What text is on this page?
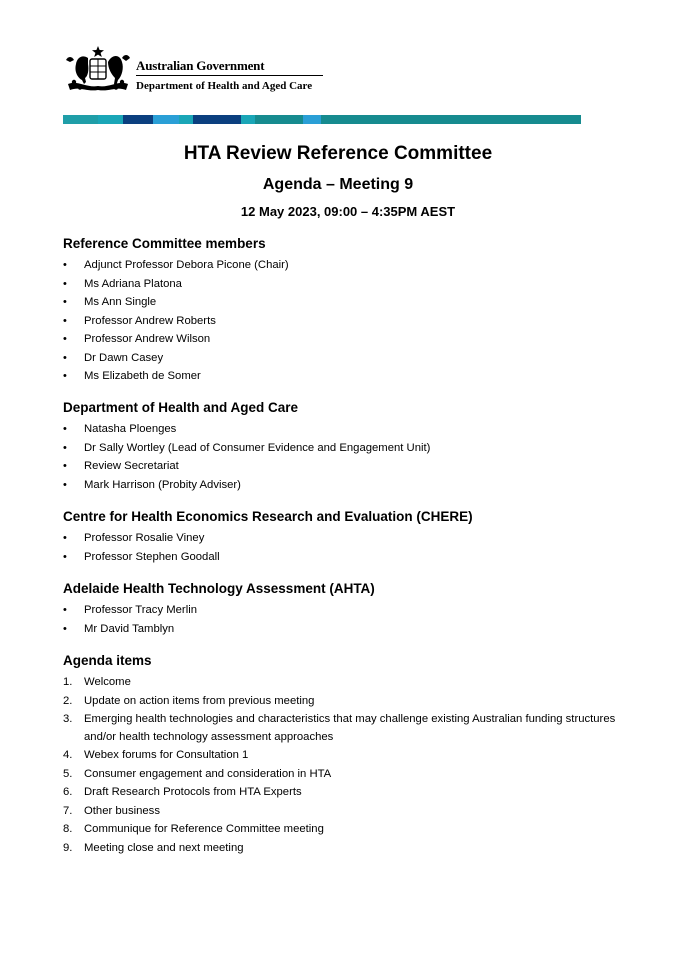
Australian Government
Department of Health and Aged Care
HTA Review Reference Committee
Agenda – Meeting 9
12 May 2023, 09:00 – 4:35PM AEST
Reference Committee members
• Adjunct Professor Debora Picone (Chair)
• Ms Adriana Platona
• Ms Ann Single
• Professor Andrew Roberts
• Professor Andrew Wilson
• Dr Dawn Casey
• Ms Elizabeth de Somer
Department of Health and Aged Care
• Natasha Ploenges
• Dr Sally Wortley (Lead of Consumer Evidence and Engagement Unit)
• Review Secretariat
• Mark Harrison (Probity Adviser)
Centre for Health Economics Research and Evaluation (CHERE)
• Professor Rosalie Viney
• Professor Stephen Goodall
Adelaide Health Technology Assessment (AHTA)
• Professor Tracy Merlin
• Mr David Tamblyn
Agenda items
1. Welcome
2. Update on action items from previous meeting
3. Emerging health technologies and characteristics that may challenge existing Australian funding structures and/or health technology assessment approaches
4. Webex forums for Consultation 1
5. Consumer engagement and consideration in HTA
6. Draft Research Protocols from HTA Experts
7. Other business
8. Communique for Reference Committee meeting
9. Meeting close and next meeting
